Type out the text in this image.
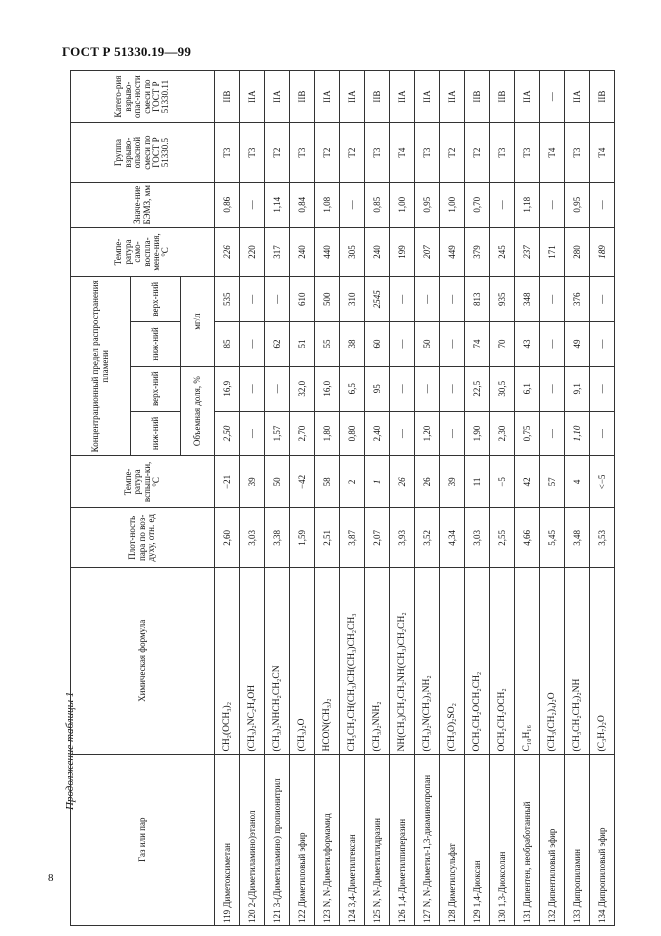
ГОСТ Р 51330.19—99
Продолжение таблицы 1
8
Газ или пар	Химическая формула	Плот-ность пара по воз-духу, отн. ед	Темпе-ратура вспыш-ки, °С	Концентрационный предел распространения пламени				Темпе-ратура само-воспла-мене-ния, °С	Значе-ние БЭМЗ, мм	Группа взрыво-опасной смеси по ГОСТ Р 51330.5	Катего-рия взрыво-опас-ности смеси по ГОСТ Р 51330.11
				ниж-ний	верх-ний	ниж-ний	верх-ний				
				Объемная доля, %		мг/л					
119 Диметоксиметан	CH₂(OCH₃)₂	2,60	−21	2,50	16,9	85	535	226	0,86	T3	IIB
120 2-(Диметиламино)этанол	(CH₃)₂NC₂H₄OH	3,03	39	—	—	—	—	220	—	T3	IIA
121 3-(Диметиламино) пропионитрил	(CH₃)₂NHCH₂CH₂CN	3,38	50	1,57	—	62	—	317	1,14	T2	IIA
122 Диметиловый эфир	(CH₃)₂O	1,59	−42	2,70	32,0	51	610	240	0,84	T3	IIB
123 N, N-Диметилформамид	HCON(CH₃)₂	2,51	58	1,80	16,0	55	500	440	1,08	T2	IIA
124 3,4-Диметилгексан	CH₃CH₂CH(CH₃)CH(CH₃)CH₂CH₃	3,87	2	0,80	6,5	38	310	305	—	T2	IIA
125 N, N-Диметилгидразин	(CH₃)₂NNH₂	2,07	1	2,40	95	60	2545	240	0,85	T3	IIB
126 1,4-Диметилпиперазин	NH(CH₃)CH₂CH₂NH(CH₃)CH₂CH₂	3,93	26	—	—	—	—	199	1,00	T4	IIA
127 N, N-Диметил-1,3-диаминопропан	(CH₃)₂N(CH₂)₃NH₂	3,52	26	1,20	—	50	—	207	0,95	T3	IIA
128 Диметилсульфат	(CH₃O)₂SO₂	4,34	39	—	—	—	—	449	1,00	T2	IIA
129 1,4-Диоксан	OCH₂CH₂OCH₂CH₂	3,03	11	1,90	22,5	74	813	379	0,70	T2	IIB
130 1,3-Диоксолан	OCH₂CH₂OCH₂	2,55	−5	2,30	30,5	70	935	245	—	T3	IIB
131 Дипентен, необработанный	C₁₀H₁₆	4,66	42	0,75	6,1	43	348	237	1,18	T3	IIA
132 Дипентиловый эфир	(CH₃(CH₂)₄)₂O	5,45	57	—	—	—	—	171	—	T4	—
133 Дипропиламин	(CH₃CH₂CH₂)₂NH	3,48	4	1,10	9,1	49	376	280	0,95	T3	IIA
134 Дипропиловый эфир	(C₃H₇)₂O	3,53	<−5	—	—	—	—	189	—	T4	IIB
